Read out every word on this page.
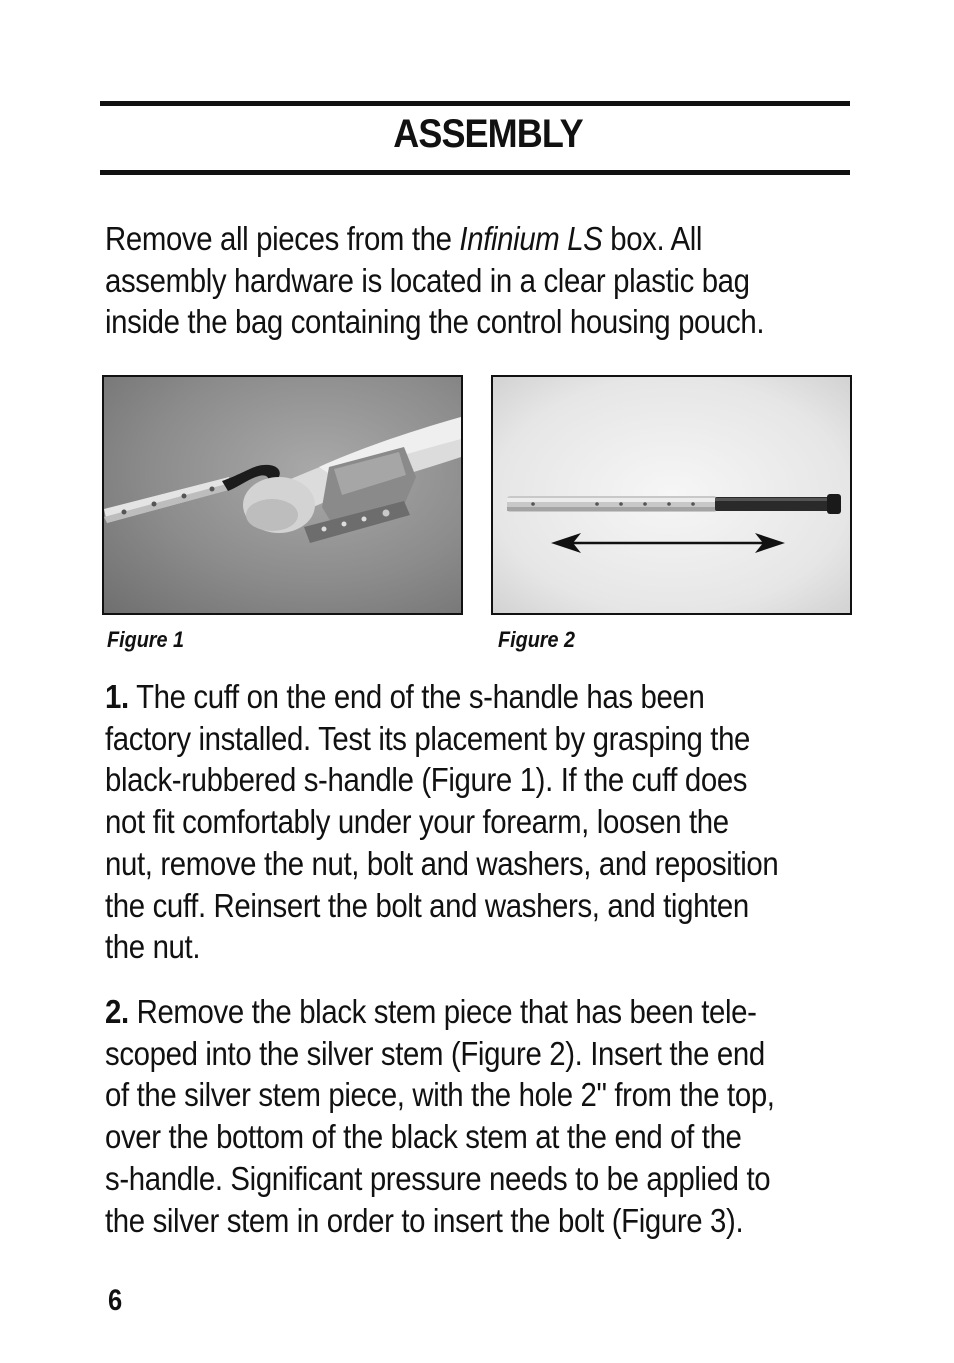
ASSEMBLY
Remove all pieces from the Infinium LS box. All
assembly hardware is located in a clear plastic bag
inside the bag containing the control housing pouch.
Figure 1	Figure 2
1. The cuff on the end of the s-handle has been
factory installed. Test its placement by grasping the
black-rubbered s-handle (Figure 1). If the cuff does
not fit comfortably under your forearm, loosen the
nut, remove the nut, bolt and washers, and reposition
the cuff. Reinsert the bolt and washers, and tighten
the nut.
2. Remove the black stem piece that has been tele-
scoped into the silver stem (Figure 2). Insert the end
of the silver stem piece, with the hole 2" from the top,
over the bottom of the black stem at the end of the
s-handle. Significant pressure needs to be applied to
the silver stem in order to insert the bolt (Figure 3).
6
